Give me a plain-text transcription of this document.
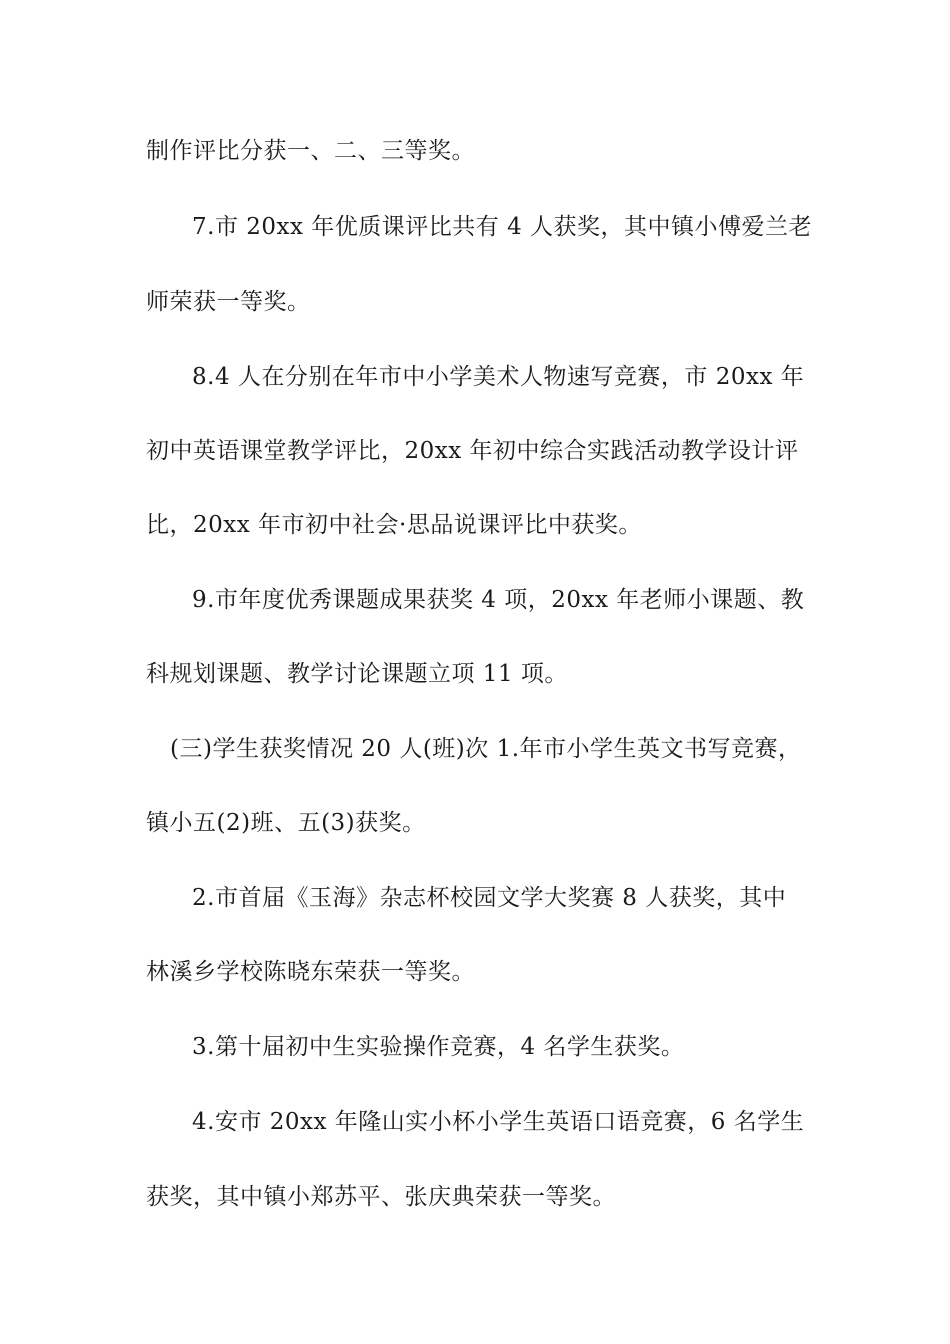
制作评比分获一、二、三等奖。
7.市 20xx 年优质课评比共有 4 人获奖，其中镇小傅爱兰老
师荣获一等奖。
8.4 人在分别在年市中小学美术人物速写竞赛，市 20xx 年
初中英语课堂教学评比，20xx 年初中综合实践活动教学设计评
比，20xx 年市初中社会·思品说课评比中获奖。
9.市年度优秀课题成果获奖 4 项，20xx 年老师小课题、教
科规划课题、教学讨论课题立项 11 项。
(三)学生获奖情况 20 人(班)次 1.年市小学生英文书写竞赛，
镇小五(2)班、五(3)获奖。
2.市首届《玉海》杂志杯校园文学大奖赛 8 人获奖，其中
林溪乡学校陈晓东荣获一等奖。
3.第十届初中生实验操作竞赛，4 名学生获奖。
4.安市 20xx 年隆山实小杯小学生英语口语竞赛，6 名学生
获奖，其中镇小郑苏平、张庆典荣获一等奖。
